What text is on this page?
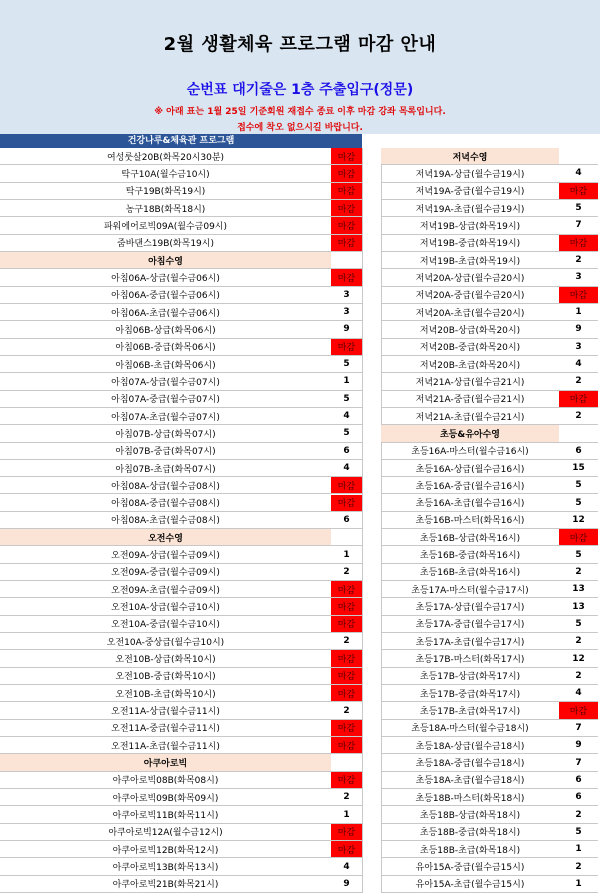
2월 생활체육 프로그램 마감 안내
순번표 대기줄은 1층 주출입구(정문)
※ 아래 표는 1월 25일 기준회원 재접수 종료 이후 마감 강좌 목록입니다.
접수에 착오 없으시길 바랍니다.
건강나루&체육관 프로그램
여성룻살20B(화목20시30분)	마감
탁구10A(월수금10시)	마감
탁구19B(화목19시)	마감
농구18B(화목18시)	마감
파워에어로빅09A(월수금09시)	마감
줌바댄스19B(화목19시)	마감
아침수영
아침06A-상급(월수금06시)	마감
아침06A-중급(월수금06시)	3
아침06A-초급(월수금06시)	3
아침06B-상급(화목06시)	9
아침06B-중급(화목06시)	마감
아침06B-초급(화목06시)	5
아침07A-상급(월수금07시)	1
아침07A-중급(월수금07시)	5
아침07A-초급(월수금07시)	4
아침07B-상급(화목07시)	5
아침07B-중급(화목07시)	6
아침07B-초급(화목07시)	4
아침08A-상급(월수금08시)	마감
아침08A-중급(월수금08시)	마감
아침08A-초급(월수금08시)	6
오전수영
오전09A-상급(월수금09시)	1
오전09A-중급(월수금09시)	2
오전09A-초급(월수금09시)	마감
오전10A-상급(월수금10시)	마감
오전10A-중급(월수금10시)	마감
오전10A-중상급(월수금10시)	2
오전10B-상급(화목10시)	마감
오전10B-중급(화목10시)	마감
오전10B-초급(화목10시)	마감
오전11A-상급(월수금11시)	2
오전11A-중급(월수금11시)	마감
오전11A-초급(월수금11시)	마감
아쿠아로빅
아쿠아로빅08B(화목08시)	마감
아쿠아로빅09B(화목09시)	2
아쿠아로빅11B(화목11시)	1
아쿠아로빅12A(월수금12시)	마감
아쿠아로빅12B(화목12시)	마감
아쿠아로빅13B(화목13시)	4
아쿠아로빅21B(화목21시)	9
저녁수영
저녁19A-상급(월수금19시)	4
저녁19A-중급(월수금19시)	마감
저녁19A-초급(월수금19시)	5
저녁19B-상급(화목19시)	7
저녁19B-중급(화목19시)	마감
저녁19B-초급(화목19시)	2
저녁20A-상급(월수금20시)	3
저녁20A-중급(월수금20시)	마감
저녁20A-초급(월수금20시)	1
저녁20B-상급(화목20시)	9
저녁20B-중급(화목20시)	3
저녁20B-초급(화목20시)	4
저녁21A-상급(월수금21시)	2
저녁21A-중급(월수금21시)	마감
저녁21A-초급(월수금21시)	2
초등&유아수영
초등16A-마스터(월수금16시)	6
초등16A-상급(월수금16시)	15
초등16A-중급(월수금16시)	5
초등16A-초급(월수금16시)	5
초등16B-마스터(화목16시)	12
초등16B-상급(화목16시)	마감
초등16B-중급(화목16시)	5
초등16B-초급(화목16시)	2
초등17A-마스터(월수금17시)	13
초등17A-상급(월수금17시)	13
초등17A-중급(월수금17시)	5
초등17A-초급(월수금17시)	2
초등17B-마스터(화목17시)	12
초등17B-상급(화목17시)	2
초등17B-중급(화목17시)	4
초등17B-초급(화목17시)	마감
초등18A-마스터(월수금18시)	7
초등18A-상급(월수금18시)	9
초등18A-중급(월수금18시)	7
초등18A-초급(월수금18시)	6
초등18B-마스터(화목18시)	6
초등18B-상급(화목18시)	2
초등18B-중급(화목18시)	5
초등18B-초급(화목18시)	1
유아15A-중급(월수금15시)	2
유아15A-초급(월수금15시)	1
